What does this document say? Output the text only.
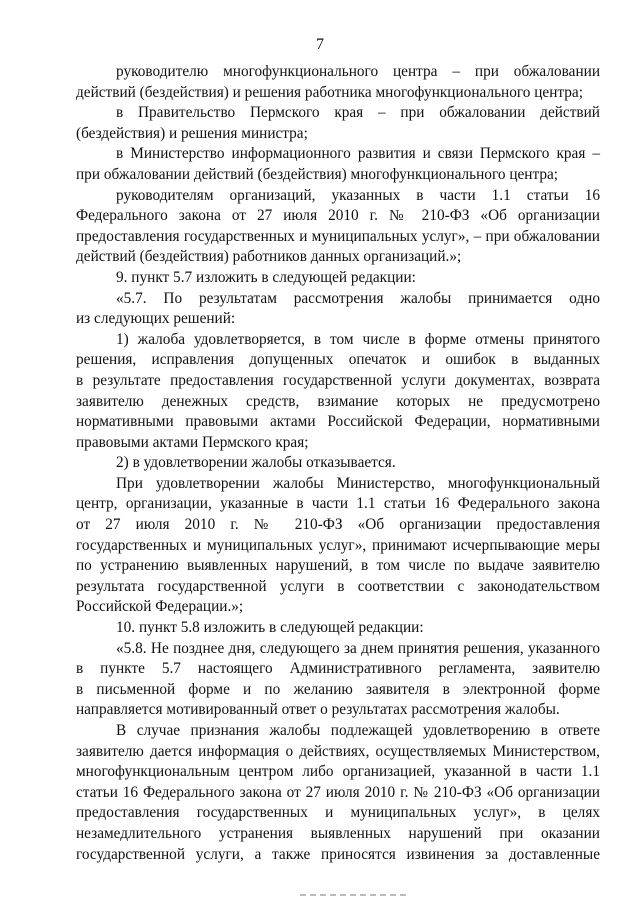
7
руководителю многофункционального центра – при обжаловании
действий (бездействия) и решения работника многофункционального центра;
в Правительство Пермского края – при обжаловании действий
(бездействия) и решения министра;
в Министерство информационного развития и связи Пермского края –
при обжаловании действий (бездействия) многофункционального центра;
руководителям организаций, указанных в части 1.1 статьи 16
Федерального закона от 27 июля 2010 г. № 210-ФЗ «Об организации
предоставления государственных и муниципальных услуг», – при обжаловании
действий (бездействия) работников данных организаций.»;
9. пункт 5.7 изложить в следующей редакции:
«5.7. По результатам рассмотрения жалобы принимается одно
из следующих решений:
1) жалоба удовлетворяется, в том числе в форме отмены принятого
решения, исправления допущенных опечаток и ошибок в выданных
в результате предоставления государственной услуги документах, возврата
заявителю денежных средств, взимание которых не предусмотрено
нормативными правовыми актами Российской Федерации, нормативными
правовыми актами Пермского края;
2) в удовлетворении жалобы отказывается.
При удовлетворении жалобы Министерство, многофункциональный
центр, организации, указанные в части 1.1 статьи 16 Федерального закона
от 27 июля 2010 г. № 210-ФЗ «Об организации предоставления
государственных и муниципальных услуг», принимают исчерпывающие меры
по устранению выявленных нарушений, в том числе по выдаче заявителю
результата государственной услуги в соответствии с законодательством
Российской Федерации.»;
10. пункт 5.8 изложить в следующей редакции:
«5.8. Не позднее дня, следующего за днем принятия решения, указанного
в пункте 5.7 настоящего Административного регламента, заявителю
в письменной форме и по желанию заявителя в электронной форме
направляется мотивированный ответ о результатах рассмотрения жалобы.
В случае признания жалобы подлежащей удовлетворению в ответе
заявителю дается информация о действиях, осуществляемых Министерством,
многофункциональным центром либо организацией, указанной в части 1.1
статьи 16 Федерального закона от 27 июля 2010 г. № 210-ФЗ «Об организации
предоставления государственных и муниципальных услуг», в целях
незамедлительного устранения выявленных нарушений при оказании
государственной услуги, а также приносятся извинения за доставленные
